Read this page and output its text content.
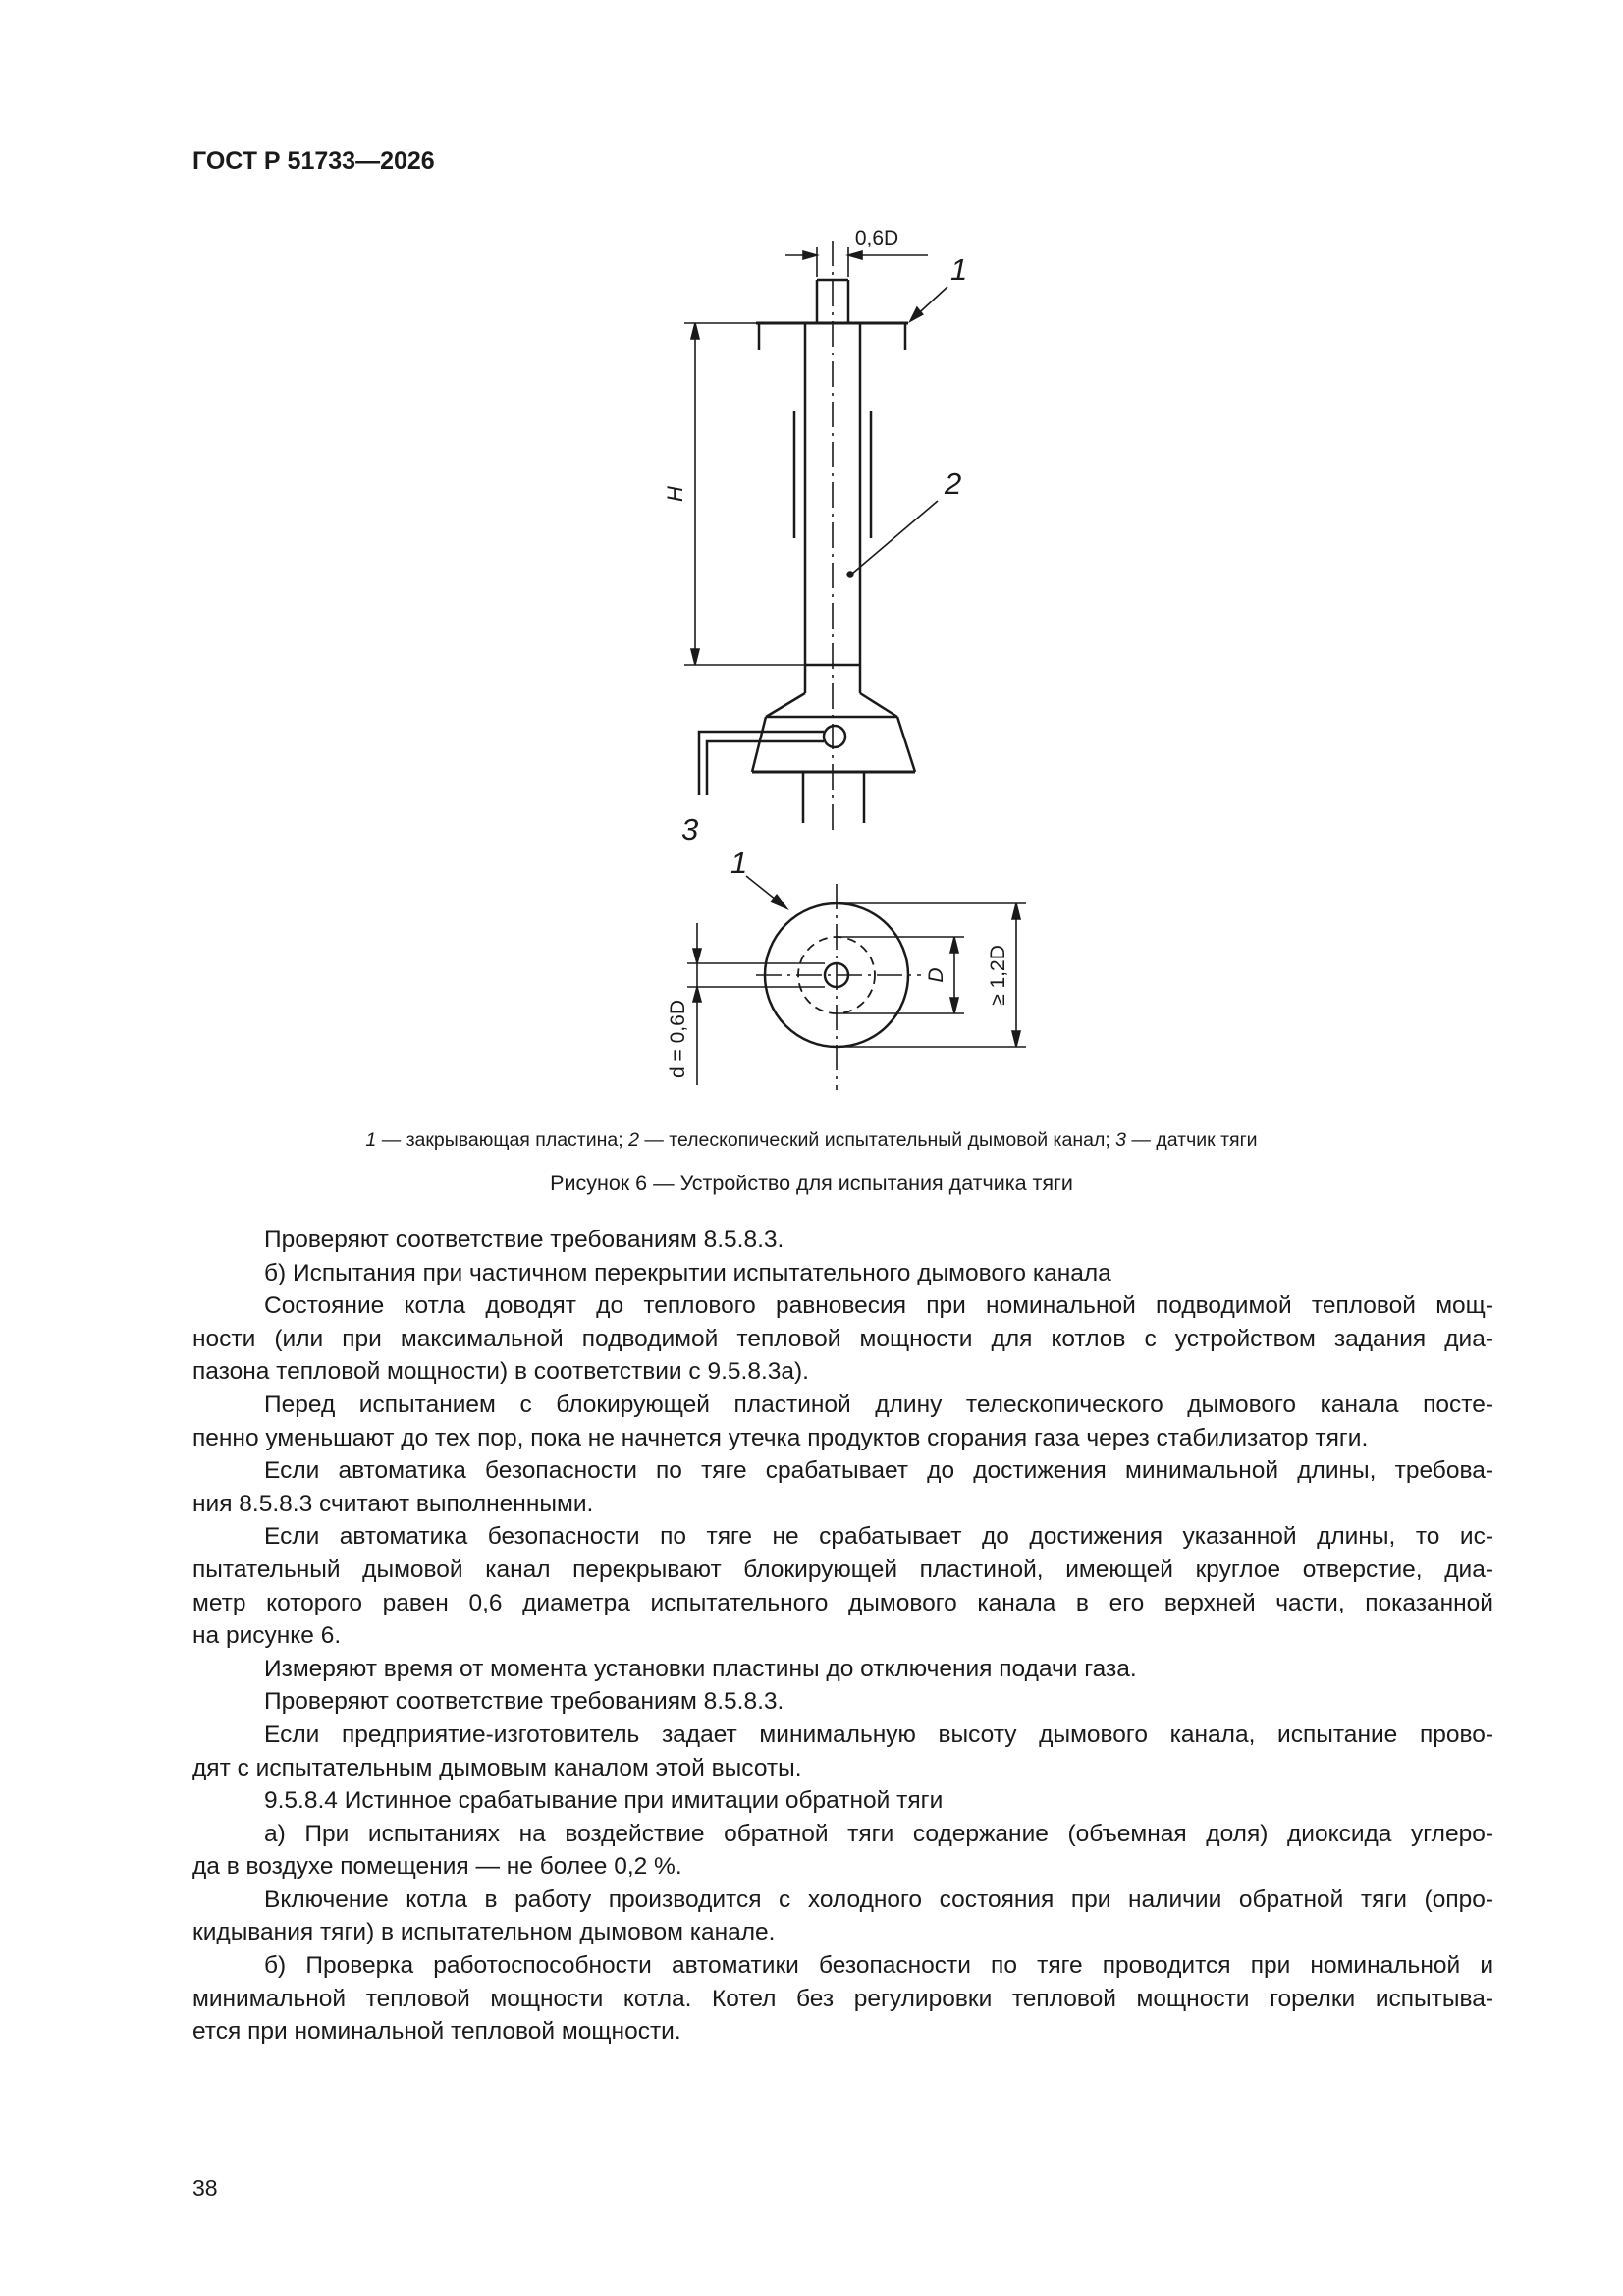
ГОСТ Р 51733—2026
0,6D
H
1
2
3
1
D ≥ 1,2D
d = 0,6D
1 — закрывающая пластина; 2 — телескопический испытательный дымовой канал; 3 — датчик тяги
Рисунок 6 — Устройство для испытания датчика тяги

Проверяют соответствие требованиям 8.5.8.3.

б) Испытания при частичном перекрытии испытательного дымового канала

Состояние котла доводят до теплового равновесия при номинальной подводимой тепловой мощ-

ности (или при максимальной подводимой тепловой мощности для котлов с устройством задания диа-

пазона тепловой мощности) в соответствии с 9.5.8.3а).

Перед испытанием с блокирующей пластиной длину телескопического дымового канала посте-

пенно уменьшают до тех пор, пока не начнется утечка продуктов сгорания газа через стабилизатор тяги.

Если автоматика безопасности по тяге срабатывает до достижения минимальной длины, требова-

ния 8.5.8.3 считают выполненными.

Если автоматика безопасности по тяге не срабатывает до достижения указанной длины, то ис-

пытательный дымовой канал перекрывают блокирующей пластиной, имеющей круглое отверстие, диа-

метр которого равен 0,6 диаметра испытательного дымового канала в его верхней части, показанной

на рисунке 6.

Измеряют время от момента установки пластины до отключения подачи газа.

Проверяют соответствие требованиям 8.5.8.3.

Если предприятие-изготовитель задает минимальную высоту дымового канала, испытание прово-

дят с испытательным дымовым каналом этой высоты.

9.5.8.4 Истинное срабатывание при имитации обратной тяги

а) При испытаниях на воздействие обратной тяги содержание (объемная доля) диоксида углеро-

да в воздухе помещения — не более 0,2 %.

Включение котла в работу производится с холодного состояния при наличии обратной тяги (опро-

кидывания тяги) в испытательном дымовом канале.

б) Проверка работоспособности автоматики безопасности по тяге проводится при номинальной и

минимальной тепловой мощности котла. Котел без регулировки тепловой мощности горелки испытыва-

ется при номинальной тепловой мощности.

38
